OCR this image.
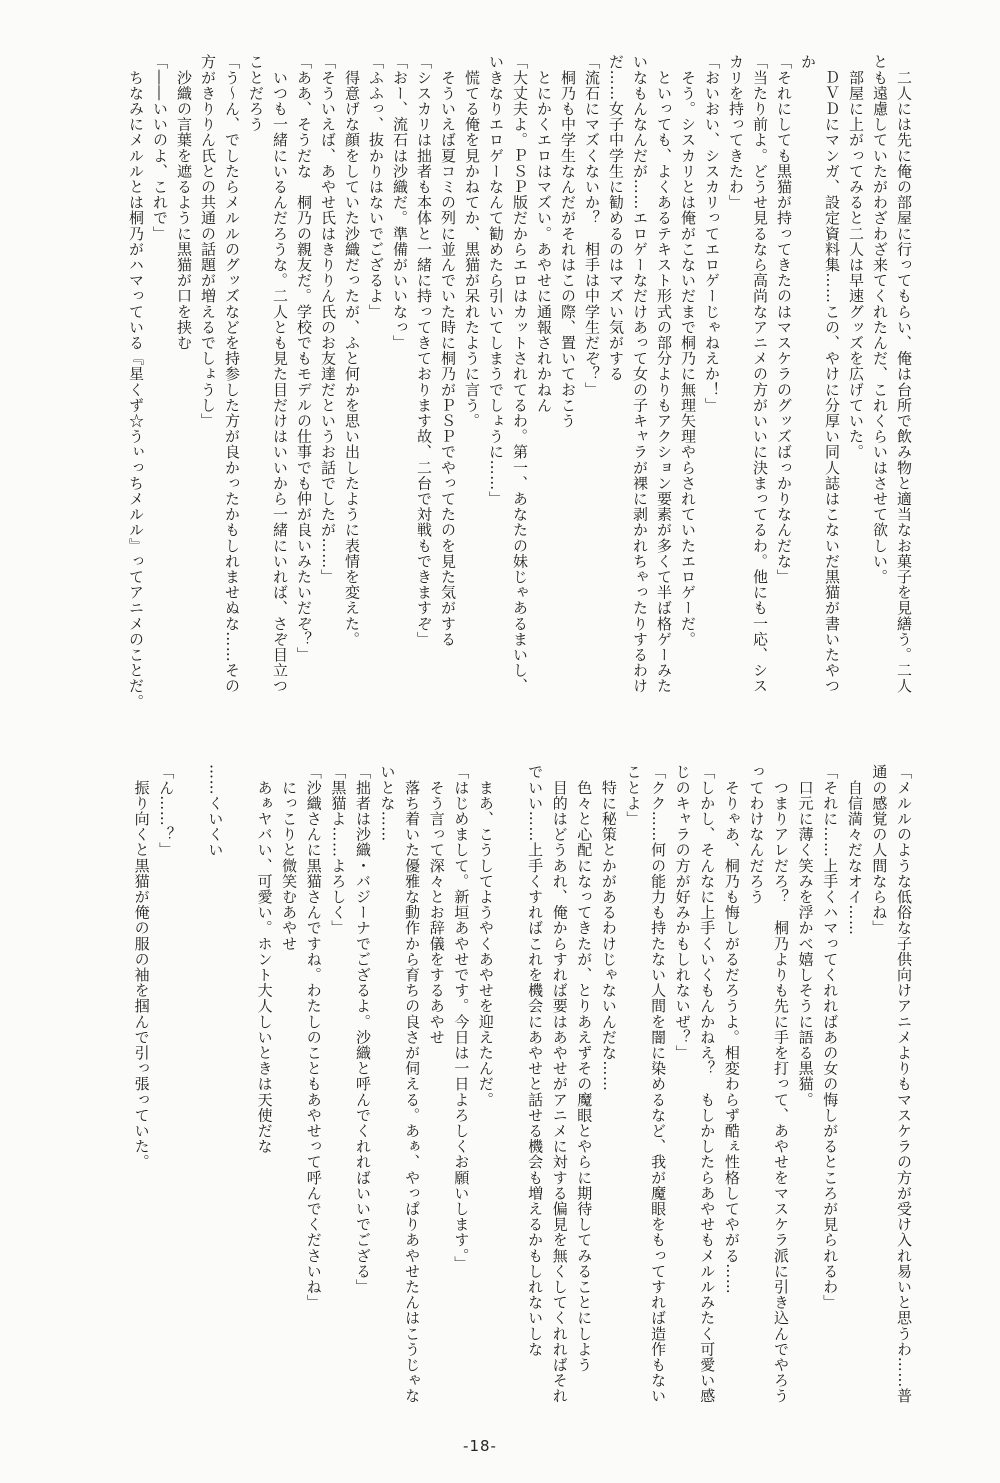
　二人には先に俺の部屋に行ってもらい、俺は台所で飲み物と適当なお菓子を見繕う。二人

とも遠慮していたがわざわざ来てくれたんだ、これくらいはさせて欲しい。

　部屋に上がってみると二人は早速グッズを広げていた。

　ＤＶＤにマンガ、設定資料集……この、やけに分厚い同人誌はこないだ黒猫が書いたやつ

か

「それにしても黒猫が持ってきたのはマスケラのグッズばっかりなんだな」

「当たり前よ。どうせ見るなら高尚なアニメの方がいいに決まってるわ。他にも一応、シス

カリを持ってきたわ」

「おいおい、シスカリってエロゲーじゃねえか！」

　そう。シスカリとは俺がこないだまで桐乃に無理矢理やらされていたエロゲーだ。

　といっても、よくあるテキスト形式の部分よりもアクション要素が多くて半ば格ゲーみた

いなもんなんだが……エロゲーなだけあって女の子キャラが裸に剥かれちゃったりするわけ

だ……女子中学生に勧めるのはマズい気がする

「流石にマズくないか？　相手は中学生だぞ？」

　桐乃も中学生なんだがそれはこの際、置いておこう

　とにかくエロはマズい。あやせに通報されかねん

「大丈夫よ。ＰＳＰ版だからエロはカットされてるわ。第一、あなたの妹じゃあるまいし、

いきなりエロゲーなんて勧めたら引いてしまうでしょうに……」

　慌てる俺を見かねてか、黒猫が呆れたように言う。

　そういえば夏コミの列に並んでいた時に桐乃がＰＳＰでやってたのを見た気がする

「シスカリは拙者も本体と一緒に持ってきております故、二台で対戦もできますぞ」

「おー、流石は沙織だ。準備がいいなっ」

「ふふっ、抜かりはないでござるよ」

　得意げな顔をしていた沙織だったが、ふと何かを思い出したように表情を変えた。

「そういえば、あやせ氏はきりりん氏のお友達だというお話でしたが……」

「ああ、そうだな　桐乃の親友だ。学校でもモデルの仕事でも仲が良いみたいだぞ？」

　いつも一緒にいるんだろうな。二人とも見た目だけはいいから一緒にいれば、さぞ目立つ

ことだろう

「う～ん、でしたらメルルのグッズなどを持参した方が良かったかもしれませぬな……その

方がきりりん氏との共通の話題が増えるでしょうし」

　沙織の言葉を遮るように黒猫が口を挟む

「――いいのよ、これで」

　ちなみにメルルとは桐乃がハマっている『星くず☆うぃっちメルル』ってアニメのことだ。

「メルルのような低俗な子供向けアニメよりもマスケラの方が受け入れ易いと思うわ……普

通の感覚の人間ならね」

　自信満々だなオイ……

「それに……上手くハマってくれればあの女の悔しがるところが見られるわ」

　口元に薄く笑みを浮かべ嬉しそうに語る黒猫。

　つまりアレだろ？　桐乃よりも先に手を打って、あやせをマスケラ派に引き込んでやろう

ってわけなんだろう

　そりゃあ、桐乃も悔しがるだろうよ。相変わらず酷ぇ性格してやがる……

「しかし、そんなに上手くいくもんかねえ？　もしかしたらあやせもメルルみたく可愛い感

じのキャラの方が好みかもしれないぜ？」

「クク……何の能力も持たない人間を闇に染めるなど、我が魔眼をもってすれば造作もない

ことよ」

　特に秘策とかがあるわけじゃないんだな……

　色々と心配になってきたが、とりあえずその魔眼とやらに期待してみることにしよう

　目的はどうあれ、俺からすれば要はあやせがアニメに対する偏見を無くしてくれればそれ

でいい……上手くすればこれを機会にあやせと話せる機会も増えるかもしれないしな

　まあ、こうしてようやくあやせを迎えたんだ。

「はじめまして。新垣あやせです。今日は一日よろしくお願いします。」

　そう言って深々とお辞儀をするあやせ

　落ち着いた優雅な動作から育ちの良さが伺える。あぁ、やっぱりあやせたんはこうじゃな

いとな……

「拙者は沙織・バジーナでござるよ。沙織と呼んでくれればいいでござる」

「黒猫よ……よろしく」

「沙織さんに黒猫さんですね。わたしのこともあやせって呼んでくださいね」

　にっこりと微笑むあやせ

　あぁヤバい、可愛い。ホント大人しいときは天使だな

……くいくい

「ん……？」

　振り向くと黒猫が俺の服の袖を掴んで引っ張っていた。

-18-
